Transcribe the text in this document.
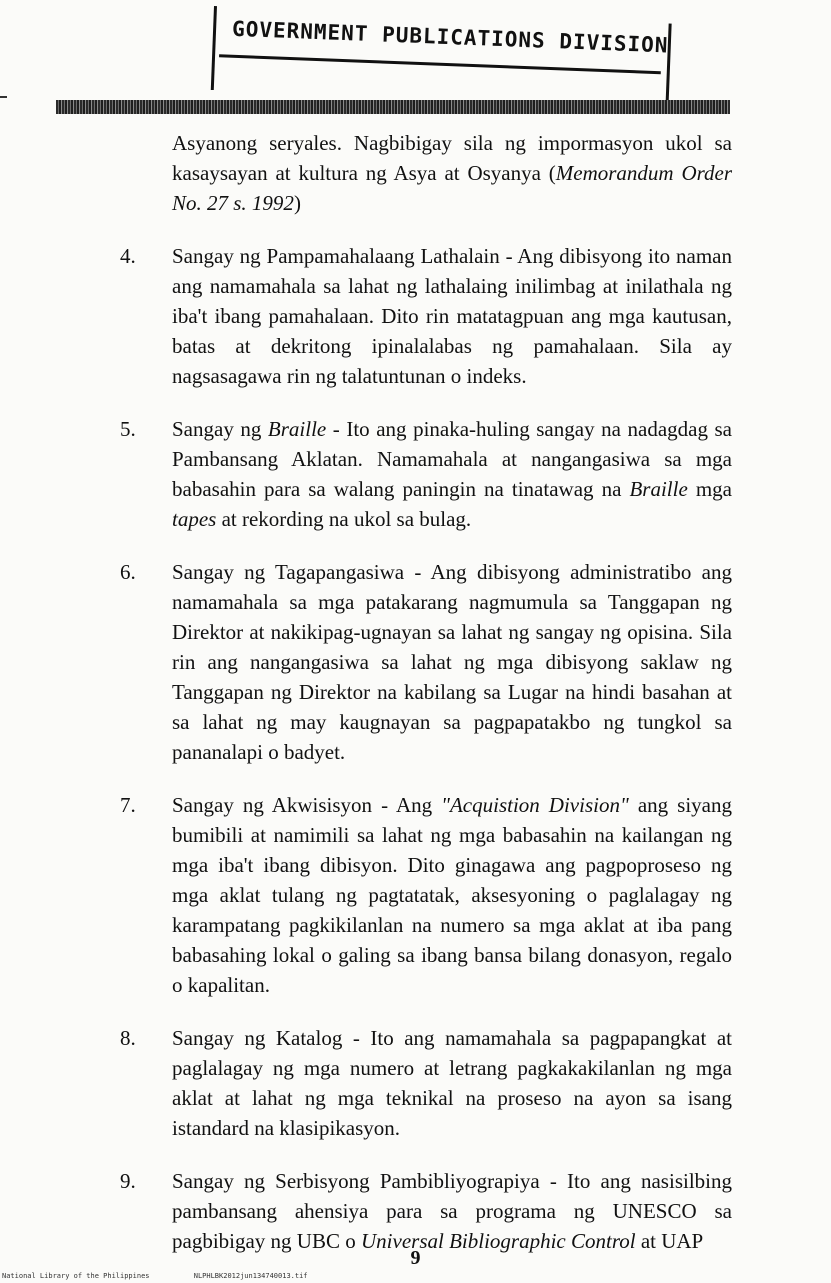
GOVERNMENT PUBLICATIONS DIVISION

Asyanong seryales. Nagbibigay sila ng impormasyon ukol sa kasaysayan at kultura ng Asya at Osyanya (Memorandum Order No. 27 s. 1992)

4.	Sangay ng Pampamahalaang Lathalain - Ang dibisyong ito naman ang namamahala sa lahat ng lathalaing inilimbag at inilathala ng iba't ibang pamahalaan. Dito rin matatagpuan ang mga kautusan, batas at dekritong ipinalalabas ng pamahalaan. Sila ay nagsasagawa rin ng talatuntunan o indeks.
5.	Sangay ng Braille - Ito ang pinaka-huling sangay na nadagdag sa Pambansang Aklatan. Namamahala at nangangasiwa sa mga babasahin para sa walang paningin na tinatawag na Braille mga tapes at rekording na ukol sa bulag.
6.	Sangay ng Tagapangasiwa - Ang dibisyong administratibo ang namamahala sa mga patakarang nagmumula sa Tanggapan ng Direktor at nakikipag-ugnayan sa lahat ng sangay ng opisina. Sila rin ang nangangasiwa sa lahat ng mga dibisyong saklaw ng Tanggapan ng Direktor na kabilang sa Lugar na hindi basahan at sa lahat ng may kaugnayan sa pagpapatakbo ng tungkol sa pananalapi o badyet.
7.	Sangay ng Akwisisyon - Ang "Acquistion Division" ang siyang bumibili at namimili sa lahat ng mga babasahin na kailangan ng mga iba't ibang dibisyon. Dito ginagawa ang pagpoproseso ng mga aklat tulang ng pagtatatak, aksesyoning o paglalagay ng karampatang pagkikilanlan na numero sa mga aklat at iba pang babasahing lokal o galing sa ibang bansa bilang donasyon, regalo o kapalitan.
8.	Sangay ng Katalog - Ito ang namamahala sa pagpapangkat at paglalagay ng mga numero at letrang pagkakakilanlan ng mga aklat at lahat ng mga teknikal na proseso na ayon sa isang istandard na klasipikasyon.
9.	Sangay ng Serbisyong Pambibliyograpiya - Ito ang nasisilbing pambansang ahensiya para sa programa ng UNESCO sa pagbibigay ng UBC o Universal Bibliographic Control at UAP
9
National Library of the Philippines	NLPHLBK2012jun134740013.tif
